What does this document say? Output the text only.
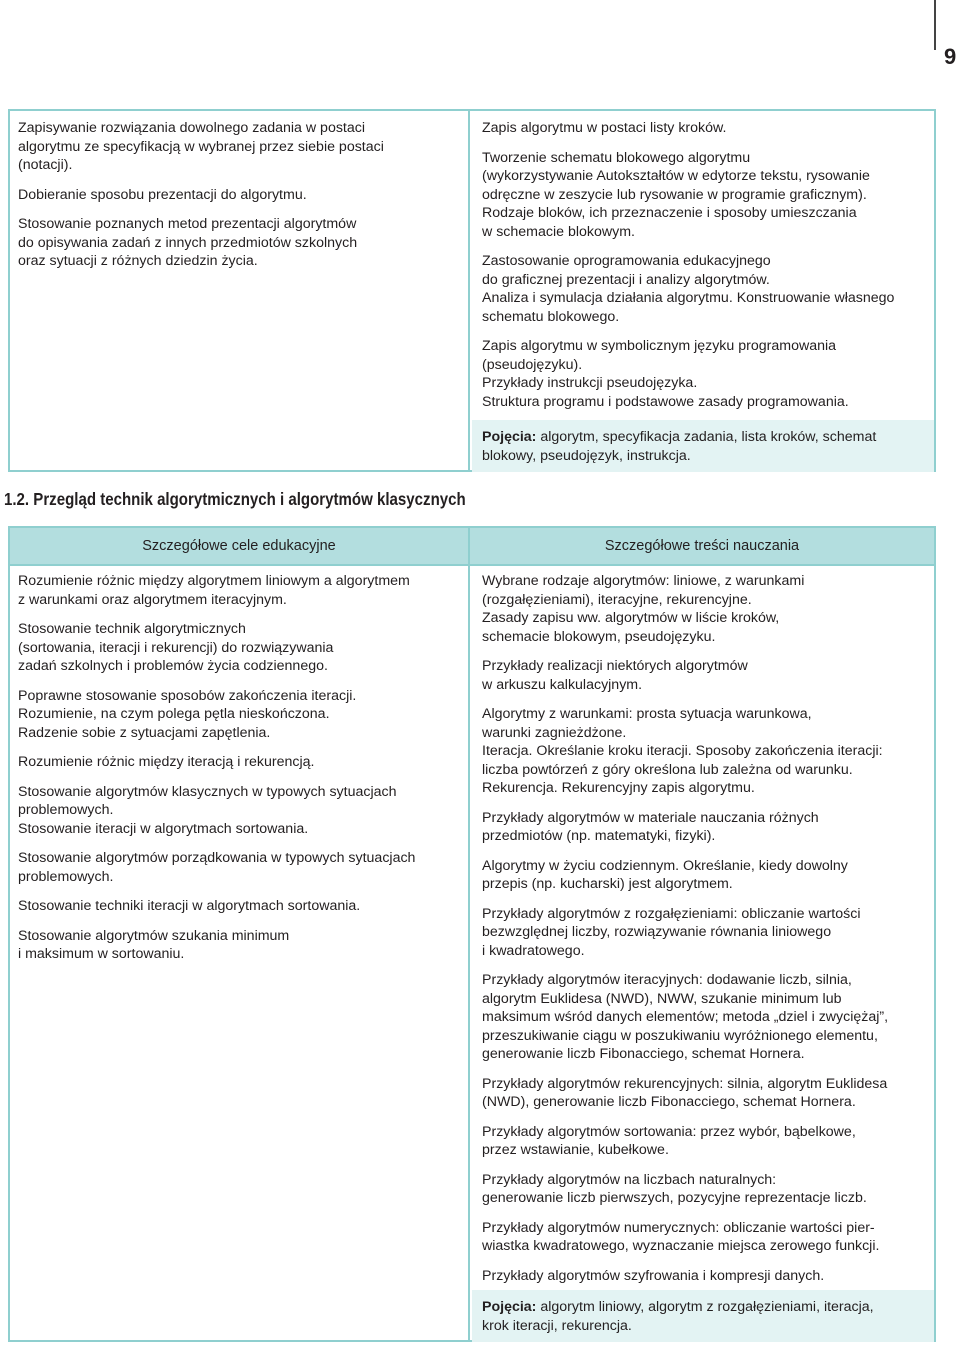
9
Zapisywanie rozwiązania dowolnego zadania w postaci
algorytmu ze specyfikacją w wybranej przez siebie postaci
(notacji).
Dobieranie sposobu prezentacji do algorytmu.
Stosowanie poznanych metod prezentacji algorytmów
do opisywania zadań z innych przedmiotów szkolnych
oraz sytuacji z różnych dziedzin życia.
Zapis algorytmu w postaci listy kroków.
Tworzenie schematu blokowego algorytmu
(wykorzystywanie Autokształtów w edytorze tekstu, rysowanie
odręczne w zeszycie lub rysowanie w programie graficznym).
Rodzaje bloków, ich przeznaczenie i sposoby umieszczania
w schemacie blokowym.
Zastosowanie oprogramowania edukacyjnego
do graficznej prezentacji i analizy algorytmów.
Analiza i symulacja działania algorytmu. Konstruowanie własnego
schematu blokowego.
Zapis algorytmu w symbolicznym języku programowania
(pseudojęzyku).
Przykłady instrukcji pseudojęzyka.
Struktura programu i podstawowe zasady programowania.
Pojęcia: algorytm, specyfikacja zadania, lista kroków, schemat
blokowy, pseudojęzyk, instrukcja.
1.2. Przegląd technik algorytmicznych i algorytmów klasycznych
Szczegółowe cele edukacyjne	Szczegółowe treści nauczania
Rozumienie różnic między algorytmem liniowym a algorytmem
z warunkami oraz algorytmem iteracyjnym.
Stosowanie technik algorytmicznych
(sortowania, iteracji i rekurencji) do rozwiązywania
zadań szkolnych i problemów życia codziennego.
Poprawne stosowanie sposobów zakończenia iteracji.
Rozumienie, na czym polega pętla nieskończona.
Radzenie sobie z sytuacjami zapętlenia.
Rozumienie różnic między iteracją i rekurencją.
Stosowanie algorytmów klasycznych w typowych sytuacjach
problemowych.
Stosowanie iteracji w algorytmach sortowania.
Stosowanie algorytmów porządkowania w typowych sytuacjach
problemowych.
Stosowanie techniki iteracji w algorytmach sortowania.
Stosowanie algorytmów szukania minimum
i maksimum w sortowaniu.
Wybrane rodzaje algorytmów: liniowe, z warunkami
(rozgałęzieniami), iteracyjne, rekurencyjne.
Zasady zapisu ww. algorytmów w liście kroków,
schemacie blokowym, pseudojęzyku.
Przykłady realizacji niektórych algorytmów
w arkuszu kalkulacyjnym.
Algorytmy z warunkami: prosta sytuacja warunkowa,
warunki zagnieżdżone.
Iteracja. Określanie kroku iteracji. Sposoby zakończenia iteracji:
liczba powtórzeń z góry określona lub zależna od warunku.
Rekurencja. Rekurencyjny zapis algorytmu.
Przykłady algorytmów w materiale nauczania różnych
przedmiotów (np. matematyki, fizyki).
Algorytmy w życiu codziennym. Określanie, kiedy dowolny
przepis (np. kucharski) jest algorytmem.
Przykłady algorytmów z rozgałęzieniami: obliczanie wartości
bezwzględnej liczby, rozwiązywanie równania liniowego
i kwadratowego.
Przykłady algorytmów iteracyjnych: dodawanie liczb, silnia,
algorytm Euklidesa (NWD), NWW, szukanie minimum lub
maksimum wśród danych elementów; metoda „dziel i zwyciężaj”,
przeszukiwanie ciągu w poszukiwaniu wyróżnionego elementu,
generowanie liczb Fibonacciego, schemat Hornera.
Przykłady algorytmów rekurencyjnych: silnia, algorytm Euklidesa
(NWD), generowanie liczb Fibonacciego, schemat Hornera.
Przykłady algorytmów sortowania: przez wybór, bąbelkowe,
przez wstawianie, kubełkowe.
Przykłady algorytmów na liczbach naturalnych:
generowanie liczb pierwszych, pozycyjne reprezentacje liczb.
Przykłady algorytmów numerycznych: obliczanie wartości pier-
wiastka kwadratowego, wyznaczanie miejsca zerowego funkcji.
Przykłady algorytmów szyfrowania i kompresji danych.
Pojęcia: algorytm liniowy, algorytm z rozgałęzieniami, iteracja,
krok iteracji, rekurencja.
